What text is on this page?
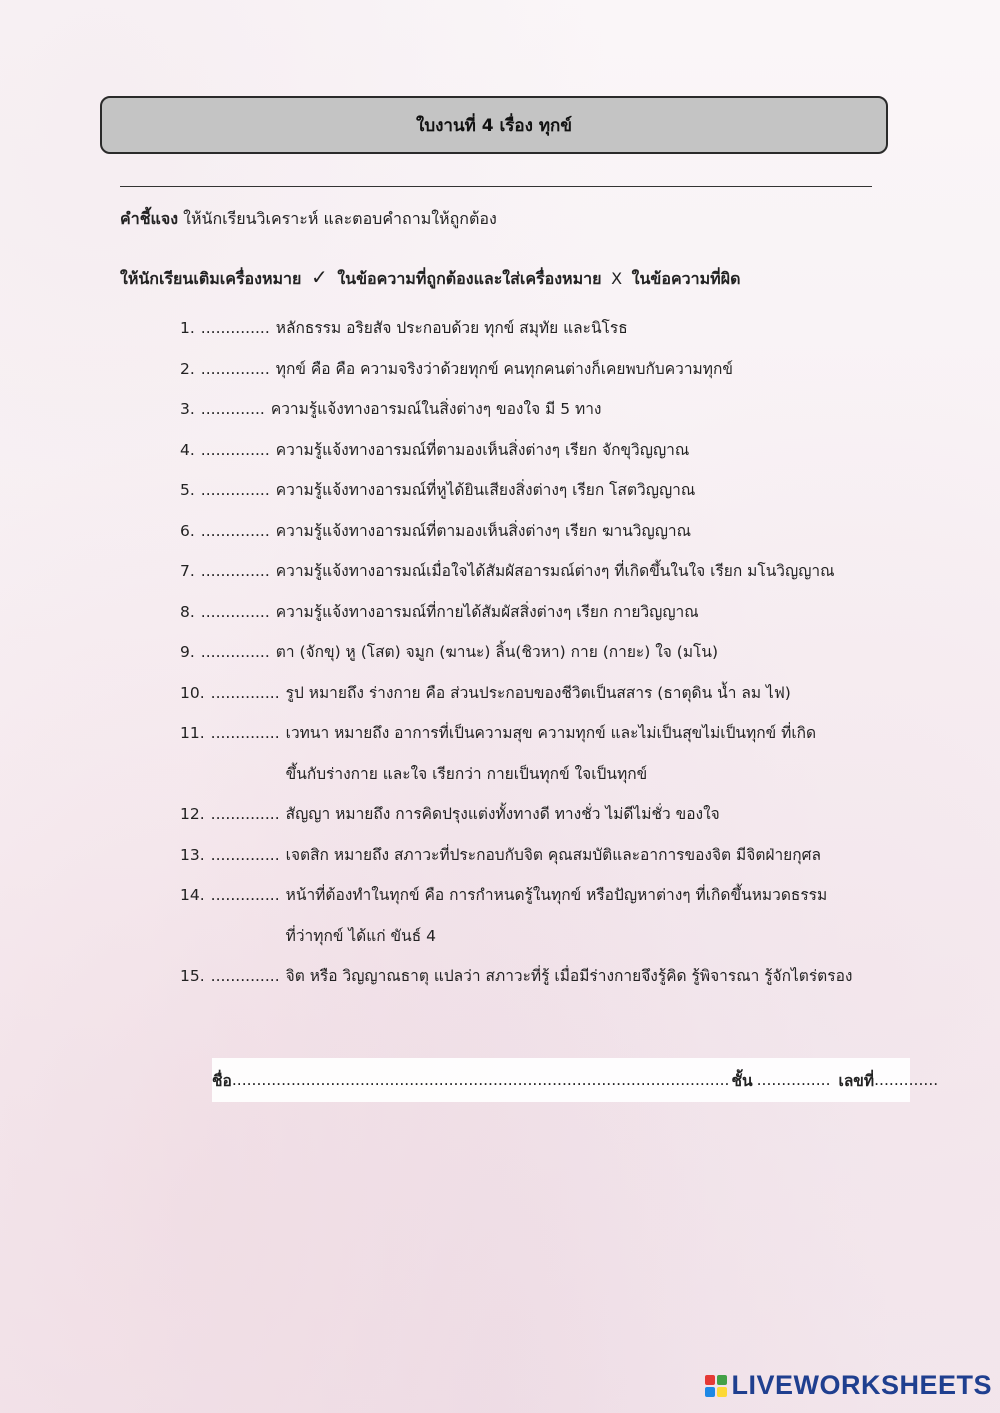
ใบงานที่ 4 เรื่อง ทุกข์
คำชี้แจง ให้นักเรียนวิเคราะห์ และตอบคำถามให้ถูกต้อง
ให้นักเรียนเติมเครื่องหมาย ✓ ในข้อความที่ถูกต้องและใส่เครื่องหมาย X ในข้อความที่ผิด
1. .............. หลักธรรม อริยสัจ ประกอบด้วย ทุกข์ สมุทัย และนิโรธ
2. .............. ทุกข์ คือ คือ ความจริงว่าด้วยทุกข์ คนทุกคนต่างก็เคยพบกับความทุกข์
3. ............. ความรู้แจ้งทางอารมณ์ในสิ่งต่างๆ ของใจ มี 5 ทาง
4. .............. ความรู้แจ้งทางอารมณ์ที่ตามองเห็นสิ่งต่างๆ เรียก จักขุวิญญาณ
5. .............. ความรู้แจ้งทางอารมณ์ที่หูได้ยินเสียงสิ่งต่างๆ เรียก โสตวิญญาณ
6. .............. ความรู้แจ้งทางอารมณ์ที่ตามองเห็นสิ่งต่างๆ เรียก ฆานวิญญาณ
7. .............. ความรู้แจ้งทางอารมณ์เมื่อใจได้สัมผัสอารมณ์ต่างๆ ที่เกิดขึ้นในใจ เรียก มโนวิญญาณ
8. .............. ความรู้แจ้งทางอารมณ์ที่กายได้สัมผัสสิ่งต่างๆ เรียก กายวิญญาณ
9. .............. ตา (จักขุ) หู (โสต) จมูก (ฆานะ) ลิ้น(ชิวหา) กาย (กายะ) ใจ (มโน)
10. .............. รูป หมายถึง ร่างกาย คือ ส่วนประกอบของชีวิตเป็นสสาร (ธาตุดิน น้ำ ลม ไฟ)
11. .............. เวทนา หมายถึง อาการที่เป็นความสุข ความทุกข์ และไม่เป็นสุขไม่เป็นทุกข์ ที่เกิด
ขึ้นกับร่างกาย และใจ เรียกว่า กายเป็นทุกข์ ใจเป็นทุกข์
12. .............. สัญญา หมายถึง การคิดปรุงแต่งทั้งทางดี ทางชั่ว ไม่ดีไม่ชั่ว ของใจ
13. .............. เจตสิก หมายถึง สภาวะที่ประกอบกับจิต คุณสมบัติและอาการของจิต มีจิตฝ่ายกุศล
14. .............. หน้าที่ต้องทำในทุกข์ คือ การกำหนดรู้ในทุกข์ หรือปัญหาต่างๆ ที่เกิดขึ้นหมวดธรรม
ที่ว่าทุกข์ ได้แก่ ขันธ์ 4
15. .............. จิต หรือ วิญญาณธาตุ แปลว่า สภาวะที่รู้ เมื่อมีร่างกายจึงรู้คิด รู้พิจารณา รู้จักไตร่ตรอง
ชื่อ ..................................................................................................... ชั้น ............... เลขที่ .............
LIVEWORKSHEETS
